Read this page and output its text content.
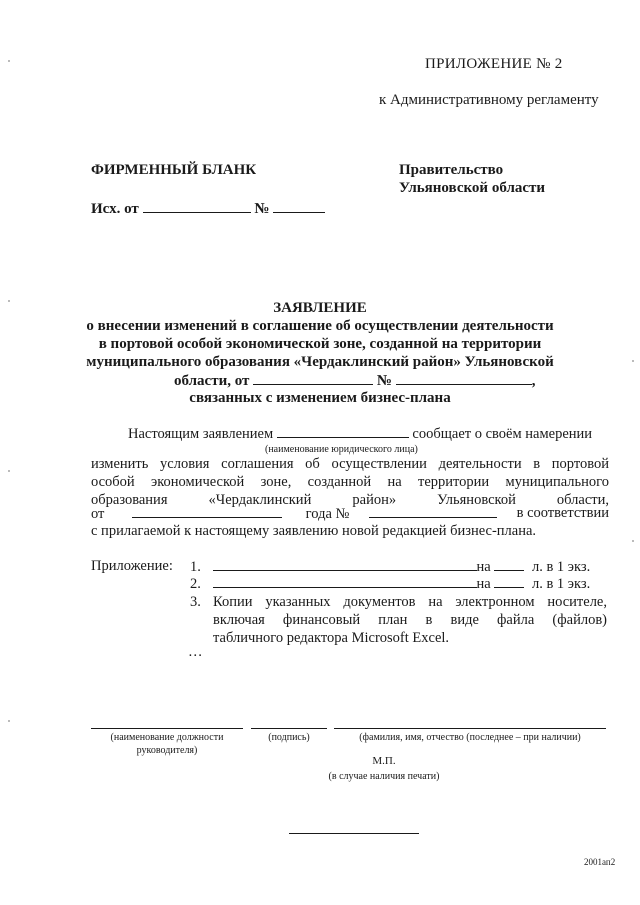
ПРИЛОЖЕНИЕ № 2
к Административному регламенту
ФИРМЕННЫЙ БЛАНК	Правительство
Ульяновской области
Исх. от	№
ЗАЯВЛЕНИЕ
о внесении изменений в соглашение об осуществлении деятельности
в портовой особой экономической зоне, созданной на территории
муниципального образования «Чердаклинский район» Ульяновской
области, от	№	,
связанных с изменением бизнес-плана
Настоящим заявлением	сообщает о своём намерении
(наименование юридического лица)
изменить условия соглашения об осуществлении деятельности в портовой
особой экономической зоне, созданной на территории муниципального
образования «Чердаклинский район» Ульяновской области,
от	года №	в соответствии
с прилагаемой к настоящему заявлению новой редакцией бизнес-плана.
Приложение: 1.	на	л. в 1 экз.
2.	на	л. в 1 экз.
3. Копии указанных документов на электронном носителе,
включая финансовый план в виде файла (файлов)
табличного редактора Microsoft Excel.
…
(наименование должности
руководителя)
(подпись)	(фамилия, имя, отчество (последнее – при наличии)
М.П.
(в случае наличия печати)
2001ап2
